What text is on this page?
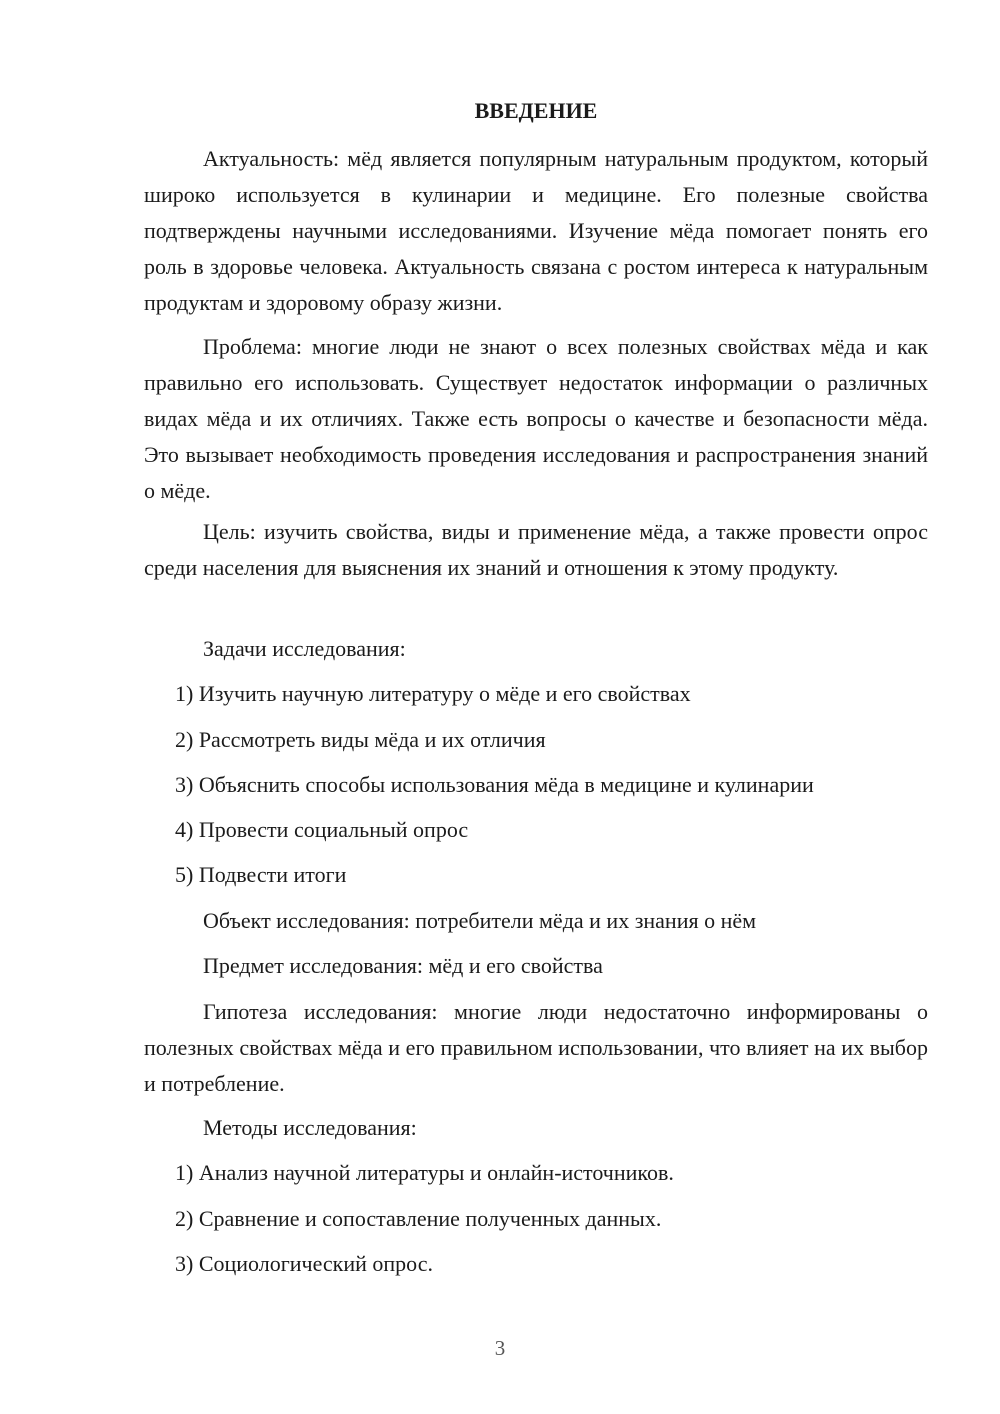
ВВЕДЕНИЕ

Актуальность: мёд является популярным натуральным продуктом, который широко используется в кулинарии и медицине. Его полезные свойства подтверждены научными исследованиями. Изучение мёда помогает понять его роль в здоровье человека. Актуальность связана с ростом интереса к натуральным продуктам и здоровому образу жизни.

Проблема: многие люди не знают о всех полезных свойствах мёда и как правильно его использовать. Существует недостаток информации о различных видах мёда и их отличиях. Также есть вопросы о качестве и безопасности мёда. Это вызывает необходимость проведения исследования и распространения знаний о мёде.

Цель: изучить свойства, виды и применение мёда, а также провести опрос среди населения для выяснения их знаний и отношения к этому продукту.

Задачи исследования:

1) Изучить научную литературу о мёде и его свойствах

2) Рассмотреть виды мёда и их отличия

3) Объяснить способы использования мёда в медицине и кулинарии

4) Провести социальный опрос

5) Подвести итоги

Объект исследования: потребители мёда и их знания о нём

Предмет исследования: мёд и его свойства

Гипотеза исследования: многие люди недостаточно информированы о полезных свойствах мёда и его правильном использовании, что влияет на их выбор и потребление.

Методы исследования:

1) Анализ научной литературы и онлайн-источников.

2) Сравнение и сопоставление полученных данных.

3) Социологический опрос.

3
